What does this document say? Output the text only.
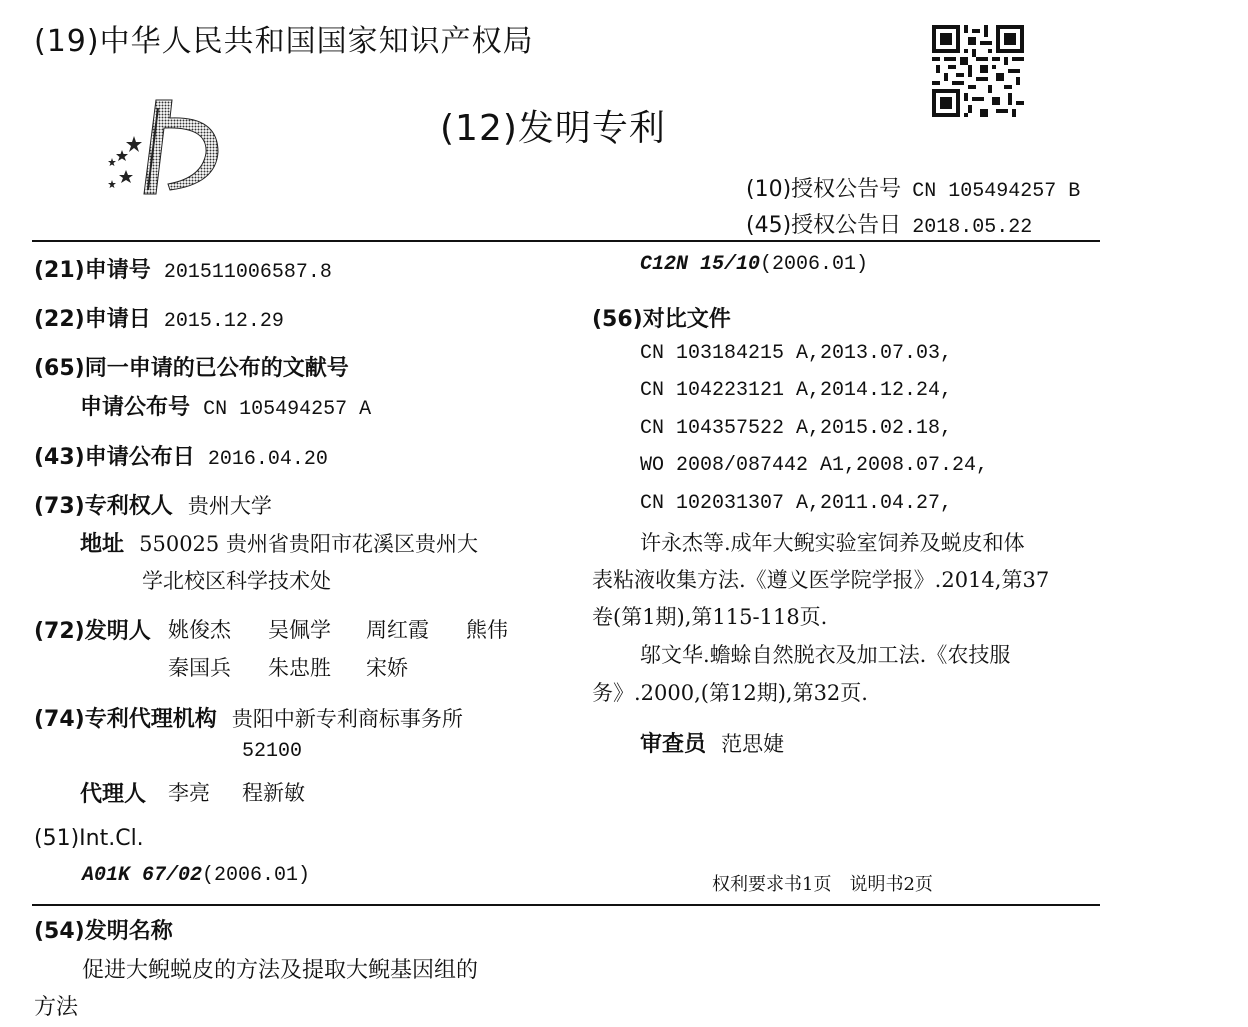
(19)中华人民共和国国家知识产权局
(12)发明专利
(10)授权公告号 CN 105494257 B
(45)授权公告日 2018.05.22
(21)申请号 201511006587.8
(22)申请日 2015.12.29
(65)同一申请的已公布的文献号
申请公布号 CN 105494257 A
(43)申请公布日 2016.04.20
(73)专利权人 贵州大学
地址 550025 贵州省贵阳市花溪区贵州大
学北校区科学技术处
(72)发明人 姚俊杰 吴佩学 周红霞 熊伟
秦国兵 朱忠胜 宋娇
(74)专利代理机构 贵阳中新专利商标事务所
52100
代理人 李亮 程新敏
(51)Int.Cl.
A01K 67/02(2006.01)
C12N 15/10(2006.01)
(56)对比文件
CN 103184215 A,2013.07.03,
CN 104223121 A,2014.12.24,
CN 104357522 A,2015.02.18,
WO 2008/087442 A1,2008.07.24,
CN 102031307 A,2011.04.27,
许永杰等.成年大鲵实验室饲养及蜕皮和体
表粘液收集方法.《遵义医学院学报》.2014,第37
卷(第1期),第115-118页.
邬文华.蟾蜍自然脱衣及加工法.《农技服
务》.2000,(第12期),第32页.
审查员 范思婕
权利要求书1页　说明书2页
(54)发明名称
促进大鲵蜕皮的方法及提取大鲵基因组的
方法
